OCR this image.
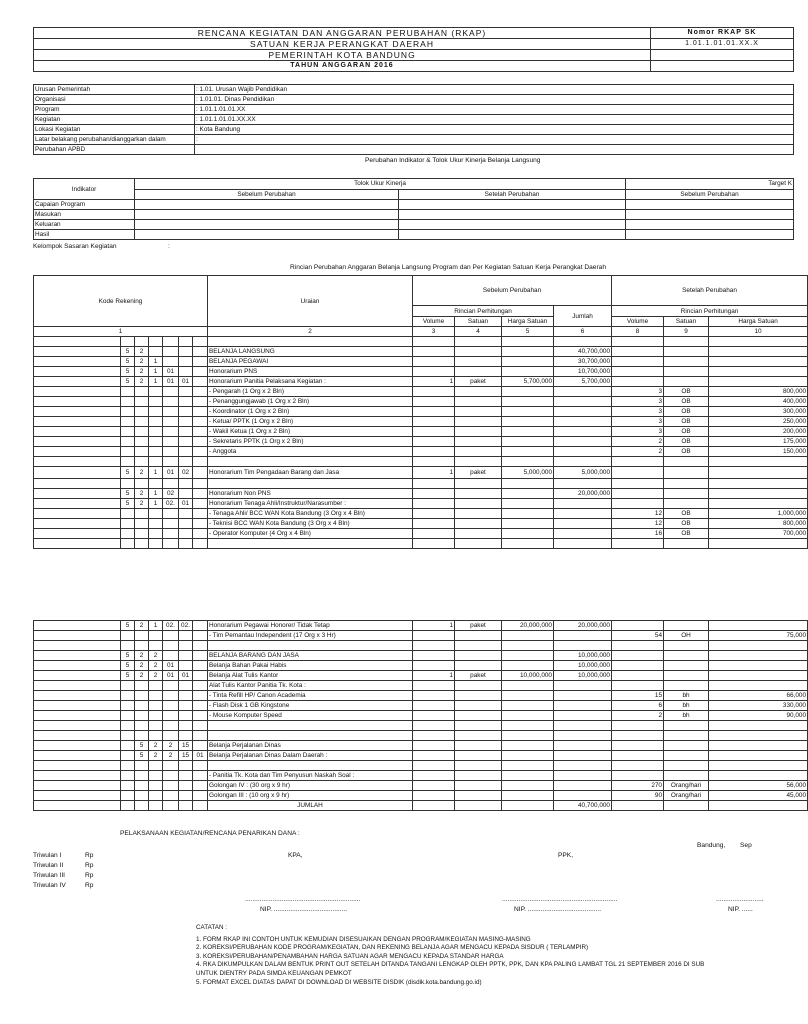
RENCANA KEGIATAN DAN ANGGARAN PERUBAHAN (RKAP)	Nomor RKAP SK
SATUAN KERJA PERANGKAT DAERAH	1.01.1.01.01.XX.X
PEMERINTAH KOTA BANDUNG	
TAHUN ANGGARAN 2016	
Urusan Pemerintah	: 1.01. Urusan Wajib Pendidikan
Organisasi	: 1.01.01. Dinas Pendidikan
Program	: 1.01.1.01.01.XX
Kegiatan	: 1.01.1.01.01.XX.XX
Lokasi Kegiatan	: Kota Bandung
Latar belakang perubahan/dianggarkan dalam	:
Perubahan APBD	
Perubahan Indikator & Tolok Ukur Kinerja Belanja Langsung
Indikator	Tolok Ukur Kinerja		Target K
	Sebelum Perubahan	Setelah Perubahan	Sebelum Perubahan
Capaian Program			
Masukan			
Keluaran			
Hasil			
Kelompok Sasaran Kegiatan	:
Rincian Perubahan Anggaran Belanja Langsung Program dan Per Kegiatan Satuan Kerja Perangkat Daerah
Kode Rekening							Uraian	Sebelum Perubahan				Setelah Perubahan		
								Rincian Perhitungan			Jumlah	Rincian Perhitungan		
								Volume	Satuan	Harga Satuan		Volume	Satuan	Harga Satuan
1							2	3	4	5	6	8	9	10

	5	2					BELANJA LANGSUNG				40,700,000			
	5	2	1				BELANJA PEGAWAI				30,700,000			
	5	2	1	01			Honorarium PNS				10,700,000			
	5	2	1	01	01		Honorarium Panitia Pelaksana Kegiatan :	1	paket	5,700,000	5,700,000			
							- Pengarah (1 Org x 2 Bln)					3	OB	800,000
							- Penanggungjawab (1 Org x 2 Bln)					3	OB	400,000
							- Koordinator (1 Org x 2 Bln)					3	OB	300,000
							- Ketua/ PPTK (1 Org x 2 Bln)					3	OB	250,000
							- Wakil Ketua (1 Org x 2 Bln)					3	OB	200,000
							- Sekretaris PPTK (1 Org x 2 Bln)					2	OB	175,000
							- Anggota					2	OB	150,000

	5	2	1	01	02		Honorarium Tim Pengadaan Barang dan Jasa	1	paket	5,000,000	5,000,000			

	5	2	1	02			Honorarium Non PNS				20,000,000			
	5	2	1	02.	01		Honorarium Tenaga Ahli/Instruktur/Narasumber :							
							- Tenaga Ahli/ BCC WAN Kota Bandung (3 Org x 4 Bln)					12	OB	1,000,000
							- Teknisi BCC WAN Kota Bandung (3 Org x 4 Bln)					12	OB	800,000
							- Operator Komputer (4 Org x 4 Bln)					16	OB	700,000

	5	2	1	02.	02.		Honorarium Pegawai Honorer/ Tidak Tetap	1	paket	20,000,000	20,000,000			
							- Tim Pemantau Independent (17 Org x 3 Hr)					54	OH	75,000

	5	2	2				BELANJA BARANG DAN JASA				10,000,000			
	5	2	2	01			Belanja Bahan Pakai Habis				10,000,000			
	5	2	2	01	01		Belanja Alat Tulis Kantor	1	paket	10,000,000	10,000,000			
							Alat Tulis Kantor Panitia Tk. Kota :							
							- Tinta Refill HP/ Canon Academia					15	bh	66,000
							- Flash Disk 1 GB Kingstone					6	bh	330,000
							- Mouse Komputer Speed					2	bh	90,000

		5	2	2	15		Belanja Perjalanan Dinas							
		5	2	2	15	01	Belanja Perjalanan Dinas Dalam Daerah :							

							- Panitia Tk. Kota dan Tim Penyusun Naskah Soal :							
							Golongan IV : (30 org x 9 hr)					270	Orang/hari	56,000
							Golongan III : (10 org x 9 hr)					90	Orang/hari	45,000
							JUMLAH				40,700,000			
PELAKSANAAN KEGIATAN/RENCANA PENARIKAN DANA :
Bandung, Sep
Triwulan I	Rp
Triwulan II	Rp
Triwulan III	Rp
Triwulan IV	Rp
KPA,	PPK,
...............................................................	...............................................................	..........................
NIP. ........................................	NIP. ........................................	NIP. ......
CATATAN :
1. FORM RKAP INI CONTOH UNTUK KEMUDIAN DISESUAIKAN DENGAN PROGRAM/KEGIATAN MASING-MASING
2. KOREKSI/PERUBAHAN KODE PROGRAM/KEGIATAN, DAN REKENING BELANJA AGAR MENGACU KEPADA SISDUR ( TERLAMPIR)
3. KOREKSI/PERUBAHAN/PENAMBAHAN HARGA SATUAN AGAR MENGACU KEPADA STANDAR HARGA
4. RKA DIKUMPULKAN DALAM BENTUK PRINT OUT SETELAH DITANDA TANGANI LENGKAP OLEH PPTK, PPK, DAN KPA PALING LAMBAT TGL 21 SEPTEMBER 2016 DI SUB
UNTUK DIENTRY PADA SIMDA KEUANGAN PEMKOT
5. FORMAT EXCEL DIATAS DAPAT DI DOWNLOAD DI WEBSITE DISDIK (disdik.kota.bandung.go.id)
